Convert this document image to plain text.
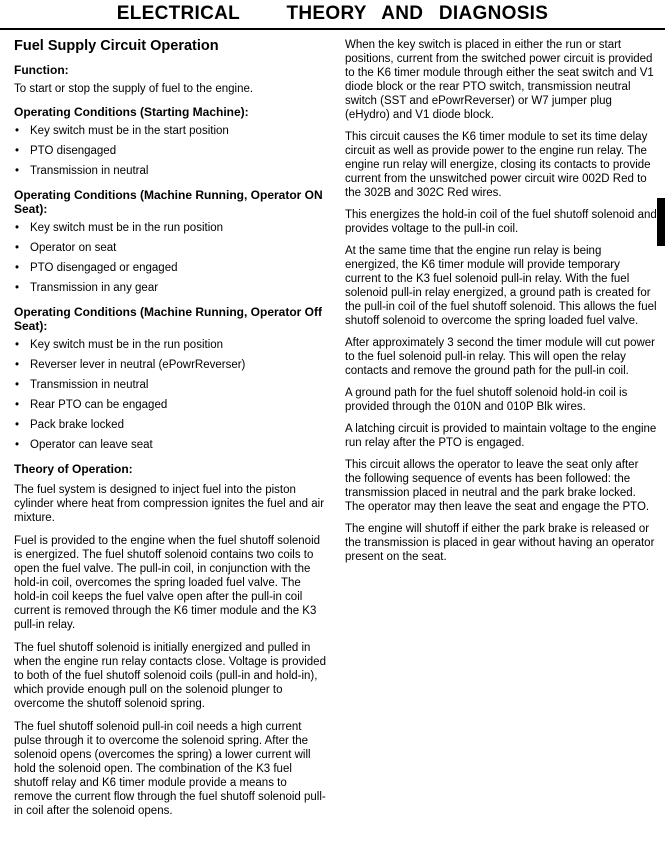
ELECTRICAL   THEORY AND DIAGNOSIS
Fuel Supply Circuit Operation
Function:

To start or stop the supply of fuel to the engine.

Operating Conditions (Starting Machine):
• Key switch must be in the start position
• PTO disengaged
• Transmission in neutral
Operating Conditions (Machine Running, Operator ON Seat):
• Key switch must be in the run position
• Operator on seat
• PTO disengaged or engaged
• Transmission in any gear
Operating Conditions (Machine Running, Operator Off Seat):
• Key switch must be in the run position
• Reverser lever in neutral (ePowrReverser)
• Transmission in neutral
• Rear PTO can be engaged
• Pack brake locked
• Operator can leave seat
Theory of Operation:

The fuel system is designed to inject fuel into the piston cylinder where heat from compression ignites the fuel and air mixture.

Fuel is provided to the engine when the fuel shutoff solenoid is energized. The fuel shutoff solenoid contains two coils to open the fuel valve. The pull-in coil, in conjunction with the hold-in coil, overcomes the spring loaded fuel valve. The hold-in coil keeps the fuel valve open after the pull-in coil current is removed through the K6 timer module and the K3 pull-in relay.

The fuel shutoff solenoid is initially energized and pulled in when the engine run relay contacts close. Voltage is provided to both of the fuel shutoff solenoid coils (pull-in and hold-in), which provide enough pull on the solenoid plunger to overcome the shutoff solenoid spring.

The fuel shutoff solenoid pull-in coil needs a high current pulse through it to overcome the solenoid spring. After the solenoid opens (overcomes the spring) a lower current will hold the solenoid open. The combination of the K3 fuel shutoff relay and K6 timer module provide a means to remove the current flow through the fuel shutoff solenoid pull-in coil after the solenoid opens.

When the key switch is placed in either the run or start positions, current from the switched power circuit is provided to the K6 timer module through either the seat switch and V1 diode block or the rear PTO switch, transmission neutral switch (SST and ePowrReverser) or W7 jumper plug (eHydro) and V1 diode block.

This circuit causes the K6 timer module to set its time delay circuit as well as provide power to the engine run relay. The engine run relay will energize, closing its contacts to provide current from the unswitched power circuit wire 002D Red to the 302B and 302C Red wires.

This energizes the hold-in coil of the fuel shutoff solenoid and provides voltage to the pull-in coil.

At the same time that the engine run relay is being energized, the K6 timer module will provide temporary current to the K3 fuel solenoid pull-in relay. With the fuel solenoid pull-in relay energized, a ground path is created for the pull-in coil of the fuel shutoff solenoid. This allows the fuel shutoff solenoid to overcome the spring loaded fuel valve.

After approximately 3 second the timer module will cut power to the fuel solenoid pull-in relay. This will open the relay contacts and remove the ground path for the pull-in coil.

A ground path for the fuel shutoff solenoid hold-in coil is provided through the 010N and 010P Blk wires.

A latching circuit is provided to maintain voltage to the engine run relay after the PTO is engaged.

This circuit allows the operator to leave the seat only after the following sequence of events has been followed: the transmission placed in neutral and the park brake locked. The operator may then leave the seat and engage the PTO.

The engine will shutoff if either the park brake is released or the transmission is placed in gear without having an operator present on the seat.
